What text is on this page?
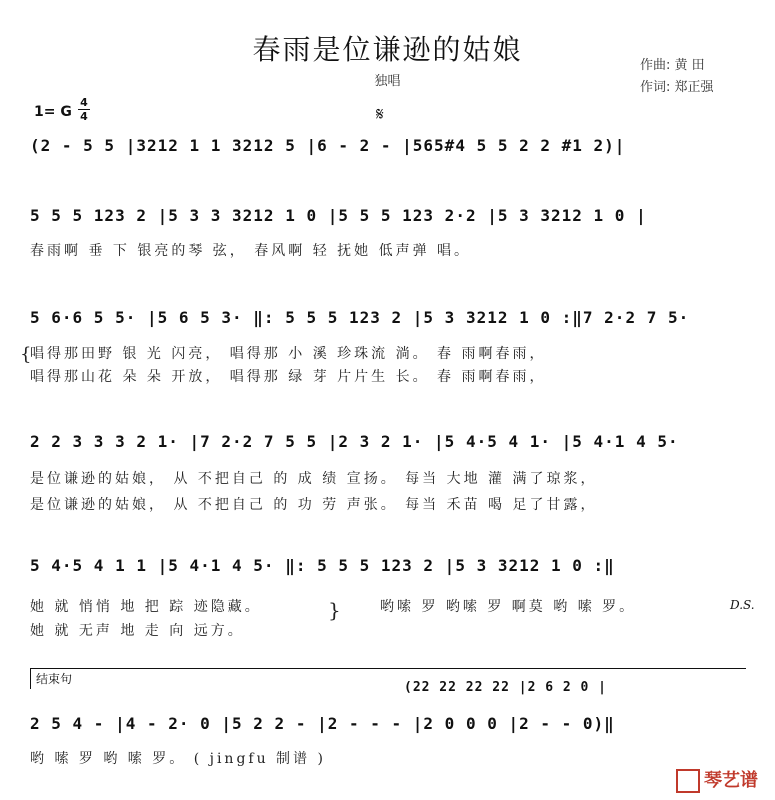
春雨是位谦逊的姑娘
独唱
作曲: 黄 田
作词: 郑正强
1= G
4
4	𝄋
(2 - 5 5 |3212 1 1 3212 5 |6 - 2 - |565#4 5 5 2 2 #1 2)|
5 5 5 123 2 |5 3 3 3212 1 0 |5 5 5 123 2·2 |5 3 3212 1 0 |
春雨啊 垂 下 银亮的琴 弦， 春风啊 轻 抚她 低声弹 唱。
5 6·6 5 5· |5 6 5 3· ‖: 5 5 5 123 2 |5 3 3212 1 0 :‖7 2·2 7 5·
{
唱得那田野 银 光 闪亮， 唱得那 小 溪 珍珠流 淌。 春 雨啊春雨，
唱得那山花 朵 朵 开放， 唱得那 绿 芽 片片生 长。 春 雨啊春雨，
2 2 3 3 3 2 1· |7 2·2 7 5 5 |2 3 2 1· |5 4·5 4 1· |5 4·1 4 5·
是位谦逊的姑娘， 从 不把自己 的 成 绩 宣扬。 每当 大地 灌 满了琼浆，
是位谦逊的姑娘， 从 不把自己 的 功 劳 声张。 每当 禾苗 喝 足了甘露，
5 4·5 4 1 1 |5 4·1 4 5· ‖: 5 5 5 123 2 |5 3 3212 1 0 :‖
她 就 悄悄 地 把 踪 迹隐藏。
她 就 无声 地 走 向 远方。
}	哟嗦 罗 哟嗦 罗 啊莫 哟 嗦 罗。	D.S.
结束句
(22 22 22 22 |2 6 2 0 |
2 5 4 - |4 - 2· 0 |5 2 2 - |2 - - - |2 0 0 0 |2 - - 0)‖
哟 嗦 罗 哟 嗦 罗。 ( jingfu 制谱 )
琴艺谱
